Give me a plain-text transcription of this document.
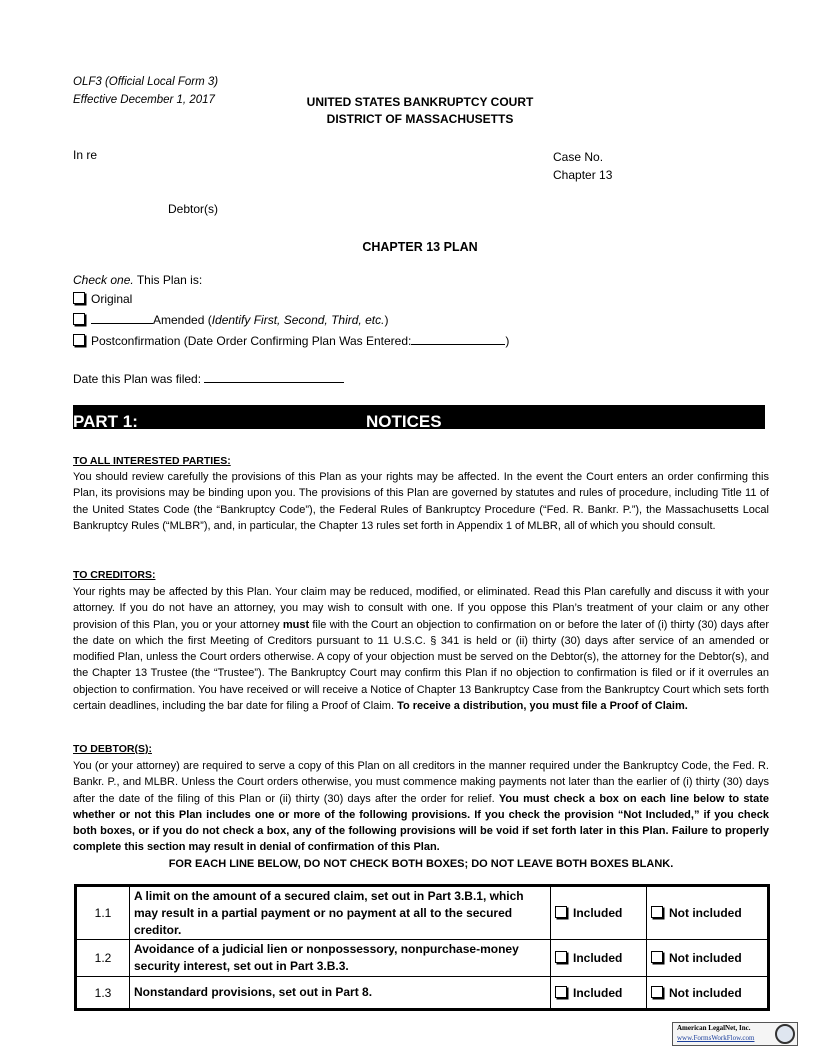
OLF3 (Official Local Form 3)
Effective December 1, 2017	UNITED STATES BANKRUPTCY COURT
DISTRICT OF MASSACHUSETTS
In re	Case No.
Chapter 13
Debtor(s)
CHAPTER 13 PLAN
Check one. This Plan is:
Original
Amended (Identify First, Second, Third, etc.)
Postconfirmation (Date Order Confirming Plan Was Entered:	)
Date this Plan was filed:
PART 1:	NOTICES
TO ALL INTERESTED PARTIES:

You should review carefully the provisions of this Plan as your rights may be affected. In the event the Court enters an order confirming this Plan, its provisions may be binding upon you. The provisions of this Plan are governed by statutes and rules of procedure, including Title 11 of the United States Code (the “Bankruptcy Code”), the Federal Rules of Bankruptcy Procedure (“Fed. R. Bankr. P.”), the Massachusetts Local Bankruptcy Rules (“MLBR”), and, in particular, the Chapter 13 rules set forth in Appendix 1 of MLBR, all of which you should consult.

TO CREDITORS:

Your rights may be affected by this Plan. Your claim may be reduced, modified, or eliminated. Read this Plan carefully and discuss it with your attorney. If you do not have an attorney, you may wish to consult with one. If you oppose this Plan’s treatment of your claim or any other provision of this Plan, you or your attorney must file with the Court an objection to confirmation on or before the later of (i) thirty (30) days after the date on which the first Meeting of Creditors pursuant to 11 U.S.C. § 341 is held or (ii) thirty (30) days after service of an amended or modified Plan, unless the Court orders otherwise. A copy of your objection must be served on the Debtor(s), the attorney for the Debtor(s), and the Chapter 13 Trustee (the “Trustee”). The Bankruptcy Court may confirm this Plan if no objection to confirmation is filed or if it overrules an objection to confirmation. You have received or will receive a Notice of Chapter 13 Bankruptcy Case from the Bankruptcy Court which sets forth certain deadlines, including the bar date for filing a Proof of Claim. To receive a distribution, you must file a Proof of Claim.

TO DEBTOR(S):

You (or your attorney) are required to serve a copy of this Plan on all creditors in the manner required under the Bankruptcy Code, the Fed. R. Bankr. P., and MLBR. Unless the Court orders otherwise, you must commence making payments not later than the earlier of (i) thirty (30) days after the date of the filing of this Plan or (ii) thirty (30) days after the order for relief. You must check a box on each line below to state whether or not this Plan includes one or more of the following provisions. If you check the provision “Not Included,” if you check both boxes, or if you do not check a box, any of the following provisions will be void if set forth later in this Plan. Failure to properly complete this section may result in denial of confirmation of this Plan.

FOR EACH LINE BELOW, DO NOT CHECK BOTH BOXES; DO NOT LEAVE BOTH BOXES BLANK.
1.1	A limit on the amount of a secured claim, set out in Part 3.B.1, which may result in a partial payment or no payment at all to the secured creditor.	Included	Not included
1.2	Avoidance of a judicial lien or nonpossessory, nonpurchase-money security interest, set out in Part 3.B.3.	Included	Not included
1.3	Nonstandard provisions, set out in Part 8.	Included	Not included
American LegalNet, Inc.
www.FormsWorkFlow.com
